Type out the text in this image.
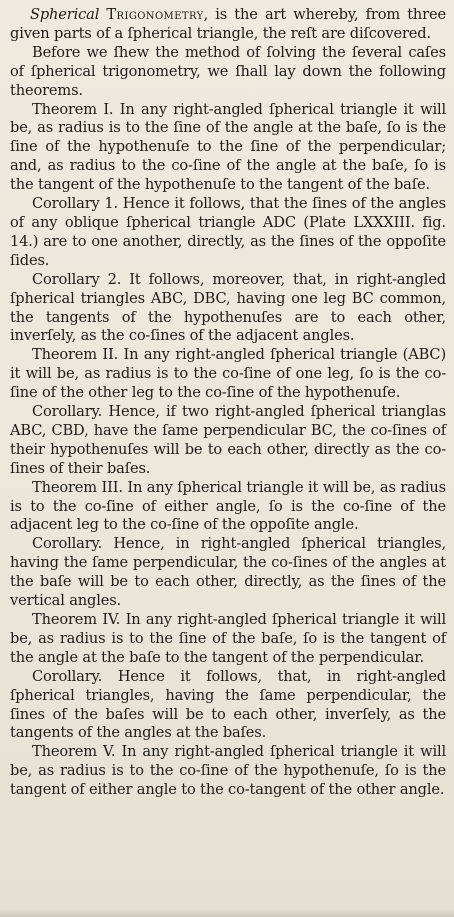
Spherical Trigonometry, is the art whereby, from three given parts of a ſpherical triangle, the reſt are diſcovered.

Before we ſhew the method of ſolving the ſeveral caſes of ſpherical trigonometry, we ſhall lay down the following theorems.

Theorem I. In any right-angled ſpherical triangle it will be, as radius is to the ſine of the angle at the baſe, ſo is the ſine of the hypothenuſe to the ſine of the perpendicular; and, as radius to the co-ſine of the angle at the baſe, ſo is the tangent of the hypothenuſe to the tangent of the baſe.

Corollary 1. Hence it follows, that the ſines of the angles of any oblique ſpherical triangle ADC (Plate LXXXIII. fig. 14.) are to one another, directly, as the ſines of the oppoſite ſides.

Corollary 2. It follows, moreover, that, in right-angled ſpherical triangles ABC, DBC, having one leg BC common, the tangents of the hypothenuſes are to each other, inverſely, as the co-ſines of the adjacent angles.

Theorem II. In any right-angled ſpherical triangle (ABC) it will be, as radius is to the co-ſine of one leg, ſo is the co-ſine of the other leg to the co-ſine of the hypothenuſe.

Corollary. Hence, if two right-angled ſpherical trianglas ABC, CBD, have the ſame perpendicular BC, the co-ſines of their hypothenuſes will be to each other, directly as the co-ſines of their baſes.

Theorem III. In any ſpherical triangle it will be, as radius is to the co-ſine of either angle, ſo is the co-ſine of the adjacent leg to the co-ſine of the oppoſite angle.

Corollary. Hence, in right-angled ſpherical triangles, having the ſame perpendicular, the co-ſines of the angles at the baſe will be to each other, directly, as the ſines of the vertical angles.

Theorem IV. In any right-angled ſpherical triangle it will be, as radius is to the ſine of the baſe, ſo is the tangent of the angle at the baſe to the tangent of the perpendicular.

Corollary. Hence it follows, that, in right-angled ſpherical triangles, having the ſame perpendicular, the ſines of the baſes will be to each other, inverſely, as the tangents of the angles at the baſes.

Theorem V. In any right-angled ſpherical triangle it will be, as radius is to the co-ſine of the hypothenuſe, ſo is the tangent of either angle to the co-tangent of the other angle.
